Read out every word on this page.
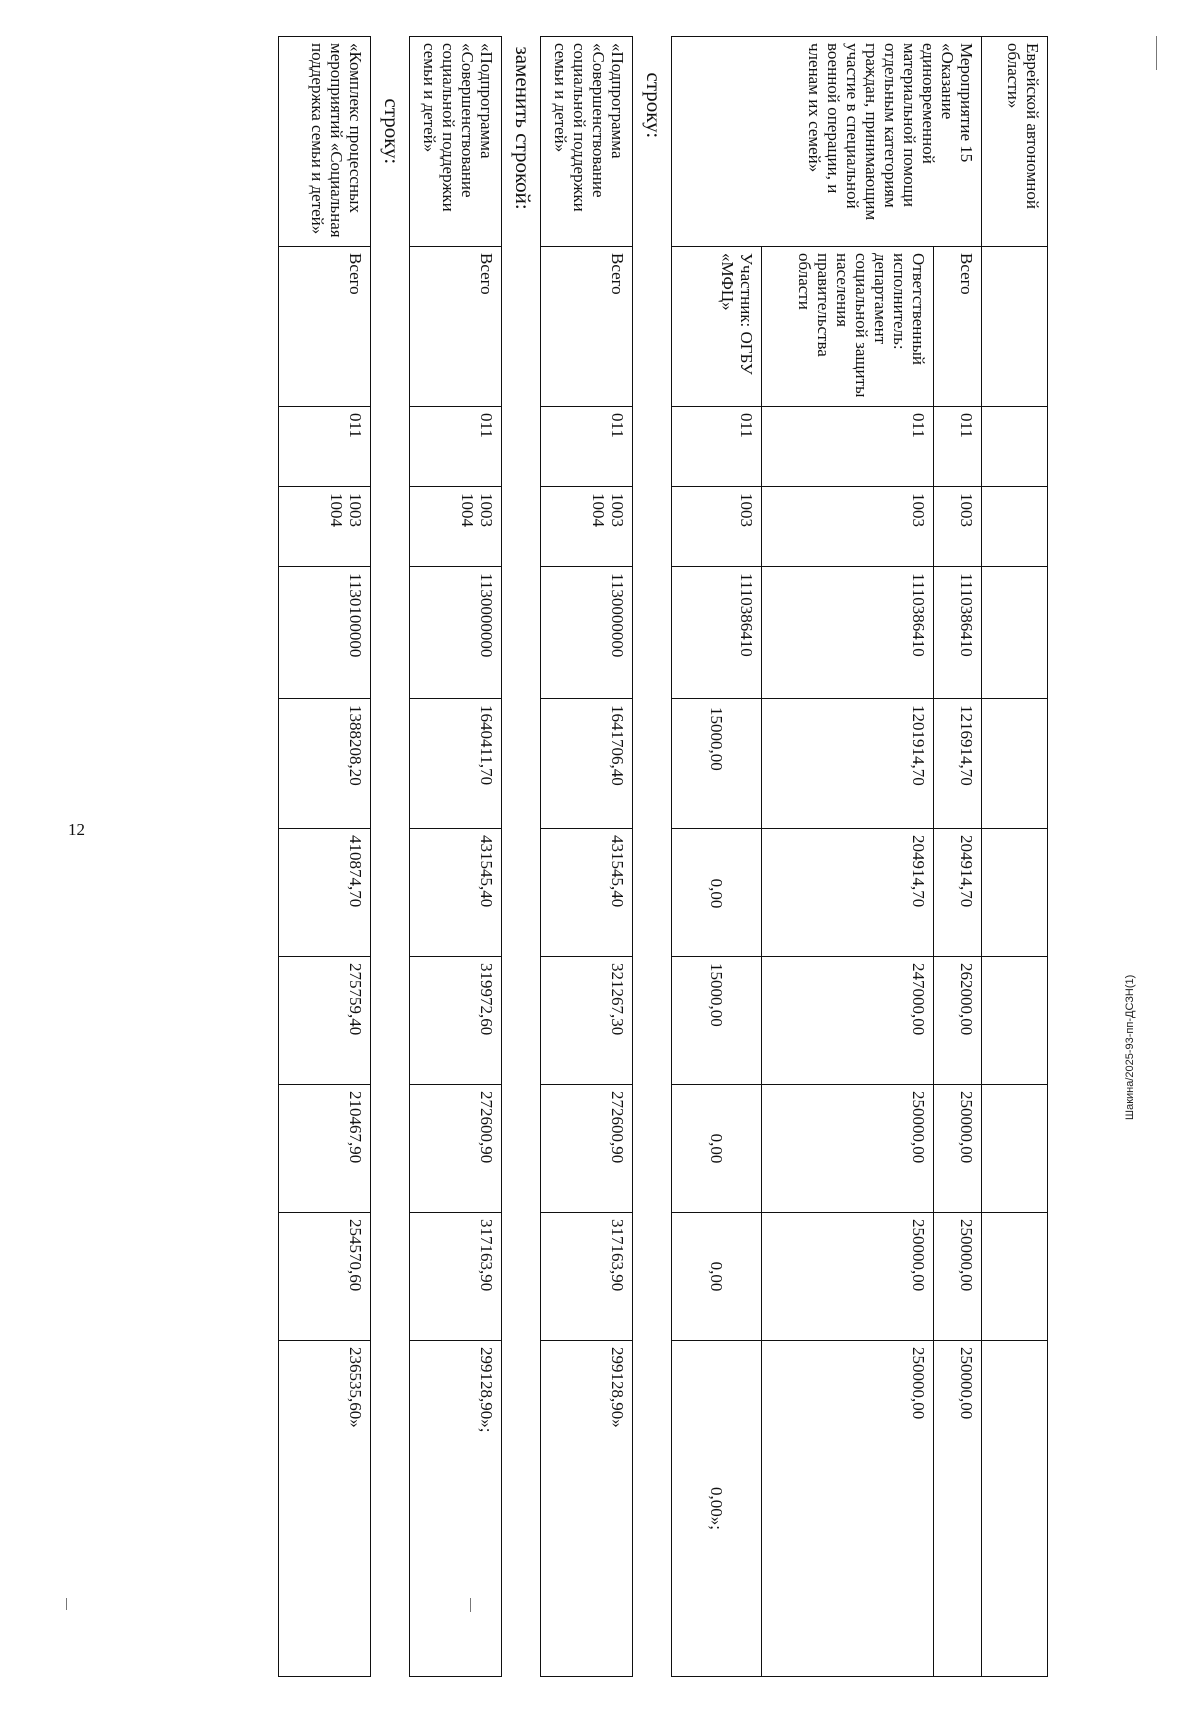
12
Шакина/2025-93-пп-ДСЗН(1)
Еврейской автономной области»										
Мероприятие 15 «Оказание единовременной материальной помощи отдельным категориям граждан, принимающим участие в специальной военной операции, и членам их семей»	Всего	011	1003	1110386410	1216914,70	204914,70	262000,00	250000,00	250000,00	250000,00
	Ответственный исполнитель: департамент социальной защиты населения правительства области	011	1003	1110386410	1201914,70	204914,70	247000,00	250000,00	250000,00	250000,00
	Участник: ОГБУ «МФЦ»	011	1003	1110386410	15000,00	0,00	15000,00	0,00	0,00	0,00»;

строку:										

«Подпрограмма «Совершенствование социальной поддержки семьи и детей»	Всего	011	1003 1004	1130000000	1641706,40	431545,40	321267,30	272600,90	317163,90	299128,90»

заменить строкой:										

«Подпрограмма «Совершенствование социальной поддержки семьи и детей»	Всего	011	1003 1004	1130000000	1640411,70	431545,40	319972,60	272600,90	317163,90	299128,90»;

строку:										

«Комплекс процессных мероприятий «Социальная поддержка семьи и детей»	Всего	011	1003 1004	1130100000	1388208,20	410874,70	275759,40	210467,90	254570,60	236535,60»
